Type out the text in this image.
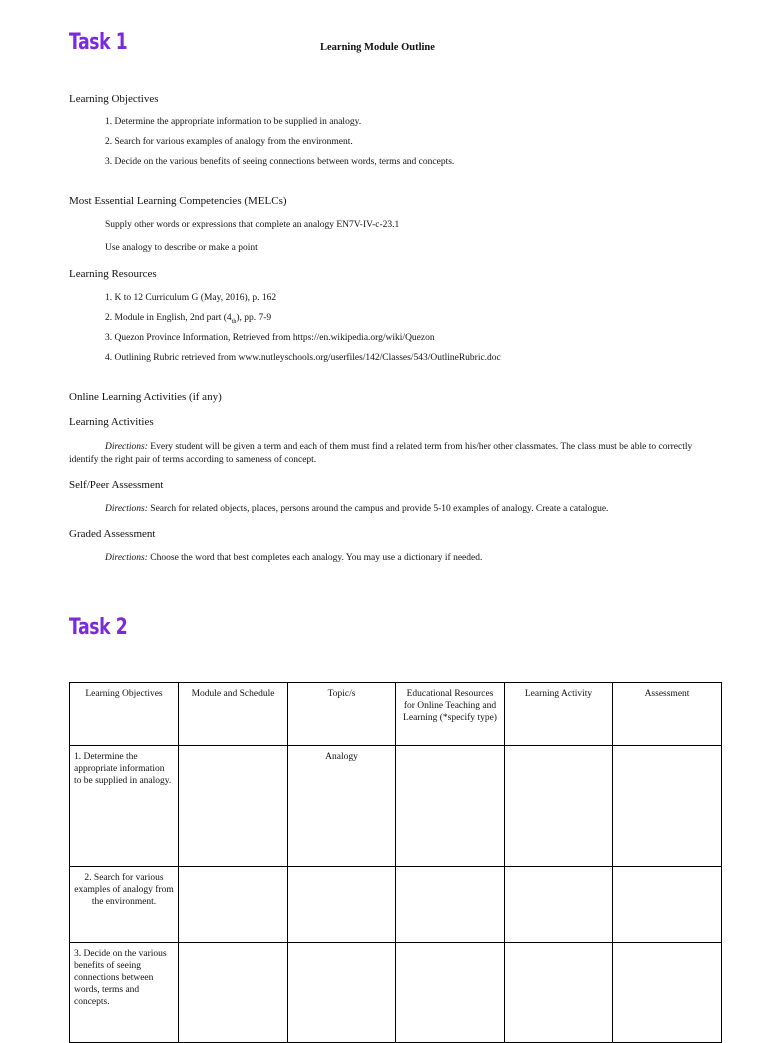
Task 1	Learning Module Outline
Learning Objectives
1. Determine the appropriate information to be supplied in analogy.
2. Search for various examples of analogy from the environment.
3. Decide on the various benefits of seeing connections between words, terms and concepts.
Most Essential Learning Competencies (MELCs)
Supply other words or expressions that complete an analogy EN7V-IV-c-23.1
Use analogy to describe or make a point
Learning Resources
1. K to 12 Curriculum G (May, 2016), p. 162
2. Module in English, 2nd part $(4_{th})$, pp. 7-9
3. Quezon Province Information, Retrieved from https://en.wikipedia.org/wiki/Quezon
4. Outlining Rubric retrieved from www.nutleyschools.org/userfiles/142/Classes/543/OutlineRubric.doc
Online Learning Activities (if any)
Learning Activities
Directions: Every student will be given a term and each of them must find a related term from his/her other classmates. The class must be able to correctly identify the right pair of terms according to sameness of concept.
Self/Peer Assessment
Directions: Search for related objects, places, persons around the campus and provide 5-10 examples of analogy. Create a catalogue.
Graded Assessment
Directions: Choose the word that best completes each analogy. You may use a dictionary if needed.
Task 2
Learning Objectives	Module and Schedule	Topic/s	Educational Resources for Online Teaching and Learning (*specify type)	Learning Activity	Assessment
1. Determine the appropriate information to be supplied in analogy.		Analogy			
2. Search for various examples of analogy from the environment.					
3. Decide on the various benefits of seeing connections between words, terms and concepts.					
